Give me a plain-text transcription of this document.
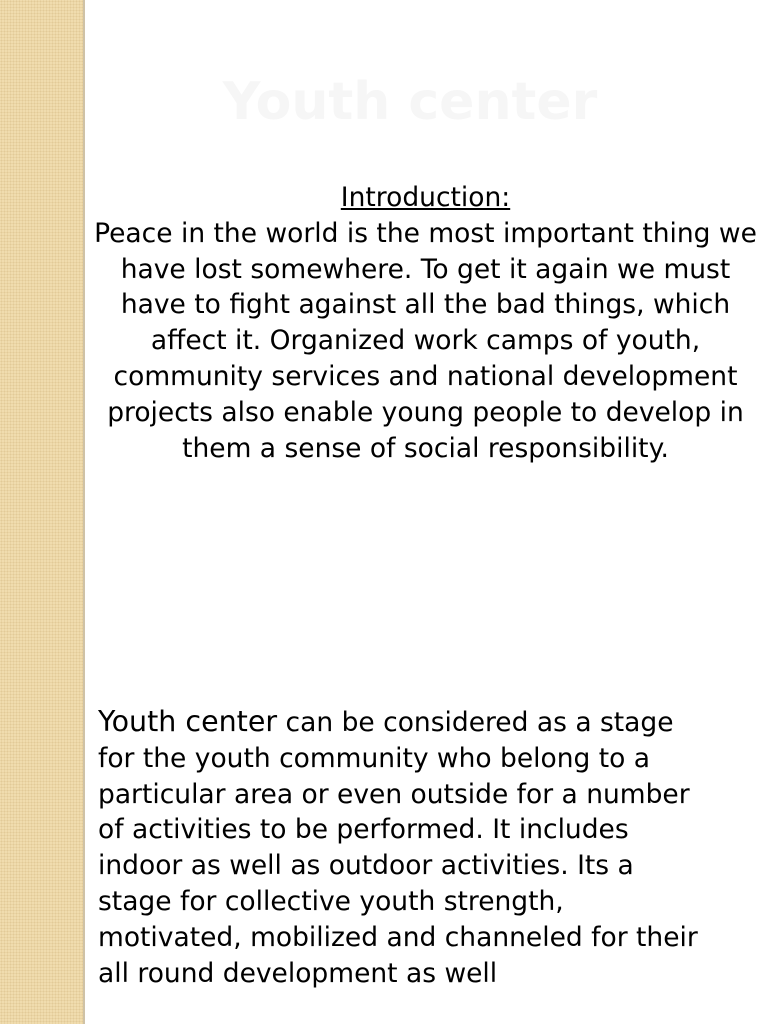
Youth center
Introduction:
Peace in the world is the most important thing we have lost somewhere. To get it again we must have to fight against all the bad things, which affect it. Organized work camps of youth, community services and national development projects also enable young people to develop in them a sense of social responsibility.
Youth center can be considered as a stage for the youth community who belong to a particular area or even outside for a number of activities to be performed. It includes indoor as well as outdoor activities. Its a stage for collective youth strength, motivated, mobilized and channeled for their all round development as well
